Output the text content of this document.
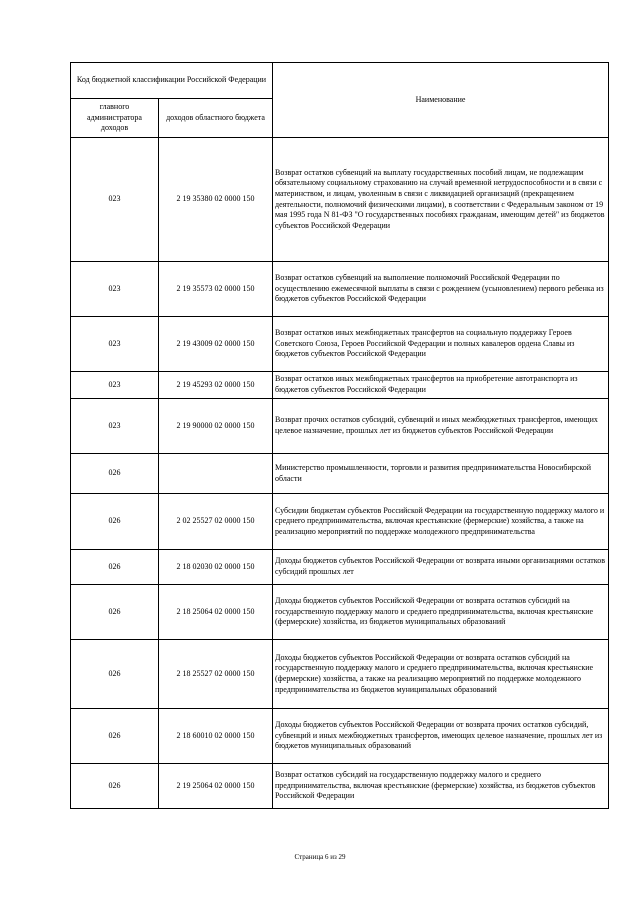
Код бюджетной классификации Российской Федерации		Наименование
главного администратора доходов	доходов областного бюджета	
023	2 19 35380 02 0000 150	Возврат остатков субвенций на выплату государственных пособий лицам, не подлежащим обязательному социальному страхованию на случай временной нетрудоспособности и в связи с материнством, и лицам, уволенным в связи с ликвидацией организаций (прекращением деятельности, полномочий физическими лицами), в соответствии с Федеральным законом от 19 мая 1995 года N 81-ФЗ "О государственных пособиях гражданам, имеющим детей" из бюджетов субъектов Российской Федерации
023	2 19 35573 02 0000 150	Возврат остатков субвенций на выполнение полномочий Российской Федерации по осуществлению ежемесячной выплаты в связи с рождением (усыновлением) первого ребенка из бюджетов субъектов Российской Федерации
023	2 19 43009 02 0000 150	Возврат остатков иных межбюджетных трансфертов на социальную поддержку Героев Советского Союза, Героев Российской Федерации и полных кавалеров ордена Славы из бюджетов субъектов Российской Федерации
023	2 19 45293 02 0000 150	Возврат остатков иных межбюджетных трансфертов на приобретение автотранспорта из бюджетов субъектов Российской Федерации
023	2 19 90000 02 0000 150	Возврат прочих остатков субсидий, субвенций и иных межбюджетных трансфертов, имеющих целевое назначение, прошлых лет из бюджетов субъектов Российской Федерации
026		Министерство промышленности, торговли и развития предпринимательства Новосибирской области
026	2 02 25527 02 0000 150	Субсидии бюджетам субъектов Российской Федерации на государственную поддержку малого и среднего предпринимательства, включая крестьянские (фермерские) хозяйства, а также на реализацию мероприятий по поддержке молодежного предпринимательства
026	2 18 02030 02 0000 150	Доходы бюджетов субъектов Российской Федерации от возврата иными организациями остатков субсидий прошлых лет
026	2 18 25064 02 0000 150	Доходы бюджетов субъектов Российской Федерации от возврата остатков субсидий на государственную поддержку малого и среднего предпринимательства, включая крестьянские (фермерские) хозяйства, из бюджетов муниципальных образований
026	2 18 25527 02 0000 150	Доходы бюджетов субъектов Российской Федерации от возврата остатков субсидий на государственную поддержку малого и среднего предпринимательства, включая крестьянские (фермерские) хозяйства, а также на реализацию мероприятий по поддержке молодежного предпринимательства из бюджетов муниципальных образований
026	2 18 60010 02 0000 150	Доходы бюджетов субъектов Российской Федерации от возврата прочих остатков субсидий, субвенций и иных межбюджетных трансфертов, имеющих целевое назначение, прошлых лет из бюджетов муниципальных образований
026	2 19 25064 02 0000 150	Возврат остатков субсидий на государственную поддержку малого и среднего предпринимательства, включая крестьянские (фермерские) хозяйства, из бюджетов субъектов Российской Федерации
Страница 6 из 29
